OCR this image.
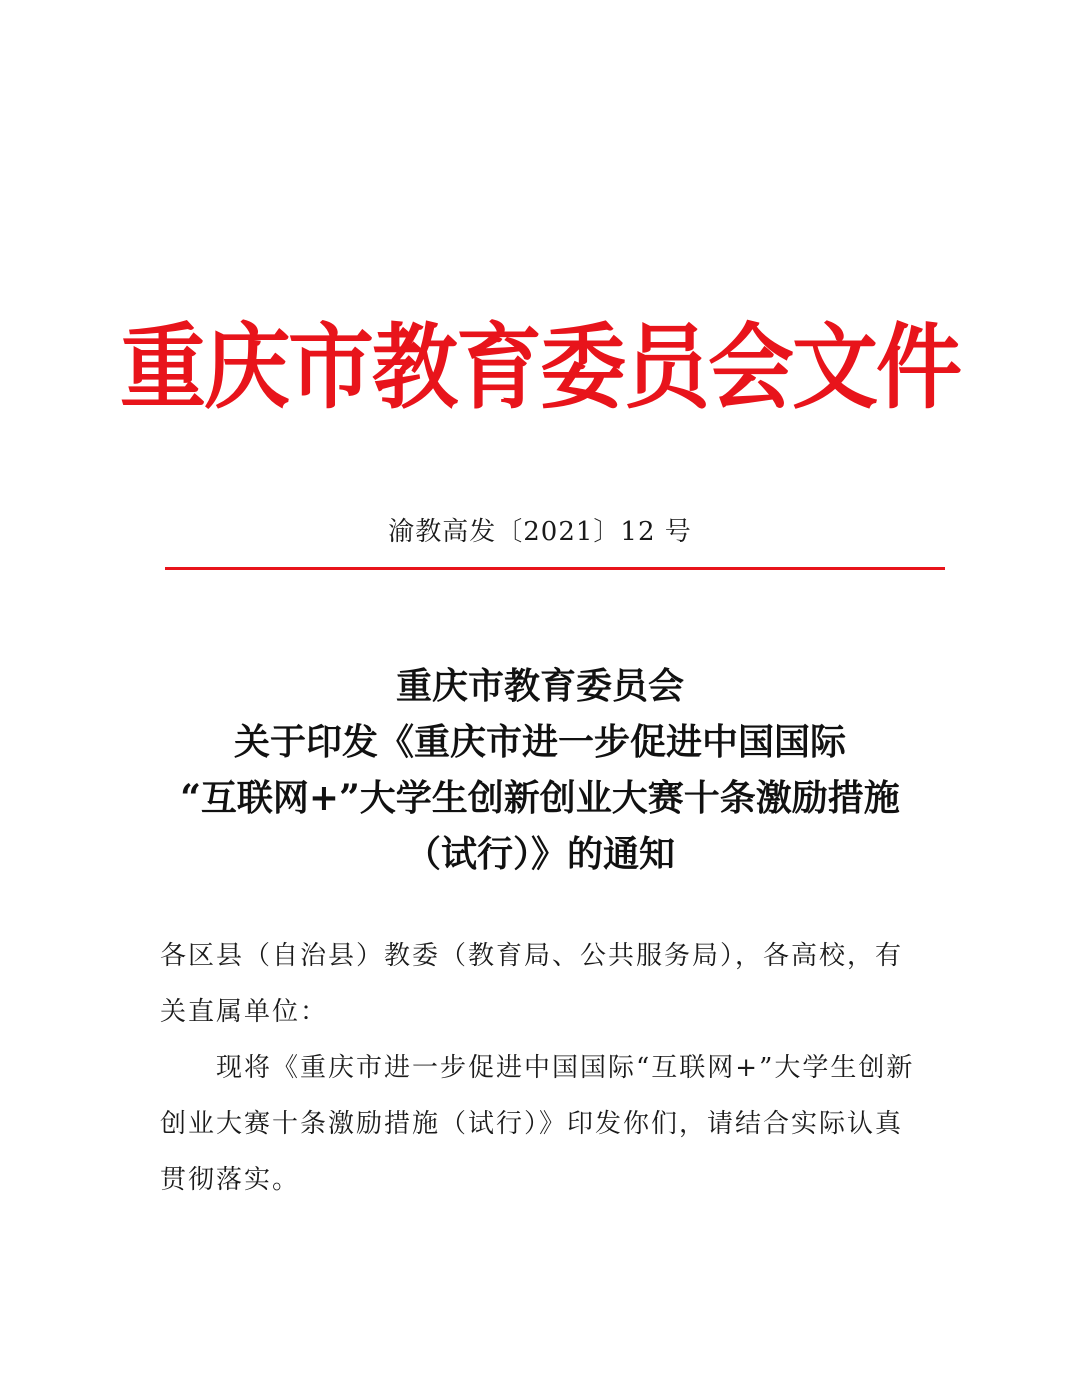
重庆市教育委员会文件
渝教高发〔2021〕12 号
重庆市教育委员会
关于印发《重庆市进一步促进中国国际
“互联网+”大学生创新创业大赛十条激励措施
（试行）》的通知

各区县（自治县）教委（教育局、公共服务局），各高校，有关直属单位：

现将《重庆市进一步促进中国国际“互联网+”大学生创新创业大赛十条激励措施（试行）》印发你们，请结合实际认真贯彻落实。
